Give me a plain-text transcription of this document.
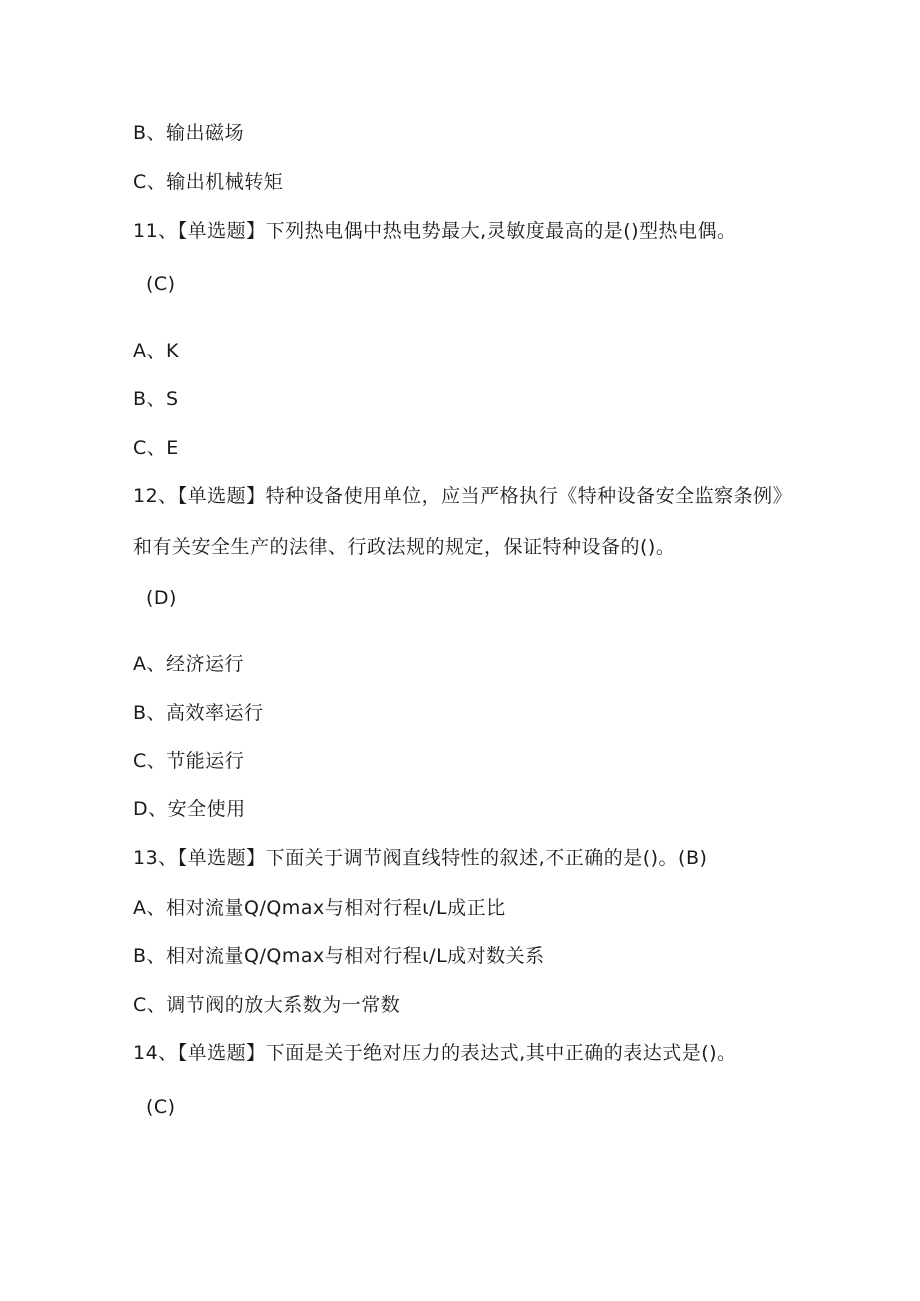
B、输出磁场
C、输出机械转矩
11、【单选题】下列热电偶中热电势最大,灵敏度最高的是()型热电偶。
(C)
A、K
B、S
C、E
12、【单选题】特种设备使用单位，应当严格执行《特种设备安全监察条例》
和有关安全生产的法律、行政法规的规定，保证特种设备的()。
(D)
A、经济运行
B、高效率运行
C、节能运行
D、安全使用
13、【单选题】下面关于调节阀直线特性的叙述,不正确的是()。(B)
A、相对流量Q/Qmax与相对行程ι/L成正比
B、相对流量Q/Qmax与相对行程ι/L成对数关系
C、调节阀的放大系数为一常数
14、【单选题】下面是关于绝对压力的表达式,其中正确的表达式是()。
(C)
